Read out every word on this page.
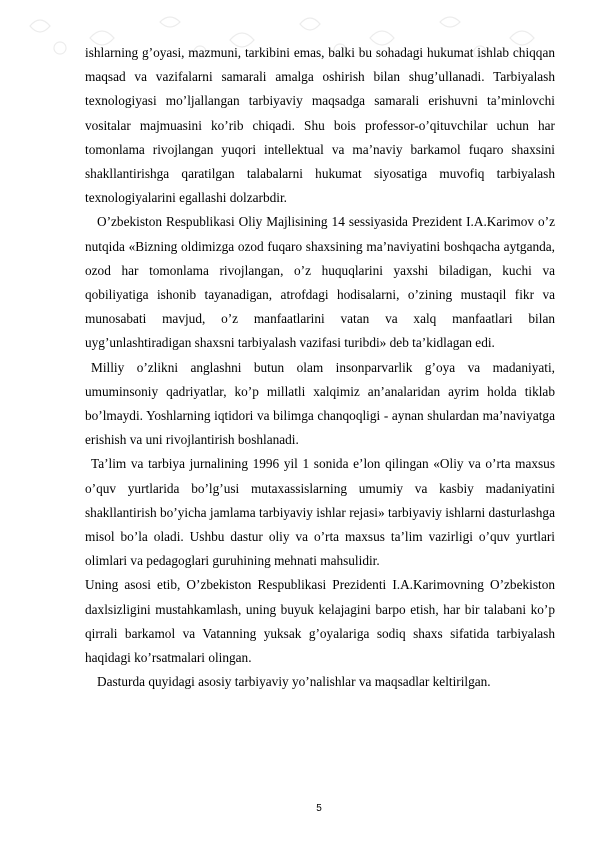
ishlarning g’oyasi, mazmuni, tarkibini emas, balki bu sohadagi hukumat ishlab chiqqan maqsad va vazifalarni samarali amalga oshirish bilan shug’ullanadi. Tarbiyalash texnologiyasi mo’ljallangan tarbiyaviy maqsadga samarali erishuvni ta’minlovchi vositalar majmuasini ko’rib chiqadi. Shu bois professor-o’qituvchilar uchun har tomonlama rivojlangan yuqori intellektual va ma’naviy barkamol fuqaro shaxsini shakllantirishga qaratilgan talabalarni hukumat siyosatiga muvofiq tarbiyalash texnologiyalarini egallashi dolzarbdir.

O’zbekiston Respublikasi Oliy Majlisining 14 sessiyasida Prezident I.A.Karimov o’z nutqida «Bizning oldimizga ozod fuqaro shaxsining ma’naviyatini boshqacha aytganda, ozod har tomonlama rivojlangan, o’z huquqlarini yaxshi biladigan, kuchi va qobiliyatiga ishonib tayanadigan, atrofdagi hodisalarni, o’zining mustaqil fikr va munosabati mavjud, o’z manfaatlarini vatan va xalq manfaatlari bilan uyg’unlashtiradigan shaxsni tarbiyalash vazifasi turibdi» deb ta’kidlagan edi.

Milliy o’zlikni anglashni butun olam insonparvarlik g’oya va madaniyati, umuminsoniy qadriyatlar, ko’p millatli xalqimiz an’analaridan ayrim holda tiklab bo’lmaydi. Yoshlarning iqtidori va bilimga chanqoqligi - aynan shulardan ma’naviyatga erishish va uni rivojlantirish boshlanadi.

Ta’lim va tarbiya jurnalining 1996 yil 1 sonida e’lon qilingan «Oliy va o’rta maxsus o’quv yurtlarida bo’lg’usi mutaxassislarning umumiy va kasbiy madaniyatini shakllantirish bo’yicha jamlama tarbiyaviy ishlar rejasi» tarbiyaviy ishlarni dasturlashga misol bo’la oladi. Ushbu dastur oliy va o’rta maxsus ta’lim vazirligi o’quv yurtlari olimlari va pedagoglari guruhining mehnati mahsulidir.

Uning asosi etib, O’zbekiston Respublikasi Prezidenti I.A.Karimovning O’zbekiston daxlsizligini mustahkamlash, uning buyuk kelajagini barpo etish, har bir talabani ko’p qirrali barkamol va Vatanning yuksak g’oyalariga sodiq shaxs sifatida tarbiyalash haqidagi ko’rsatmalari olingan.

Dasturda quyidagi asosiy tarbiyaviy yo’nalishlar va maqsadlar keltirilgan.

5
